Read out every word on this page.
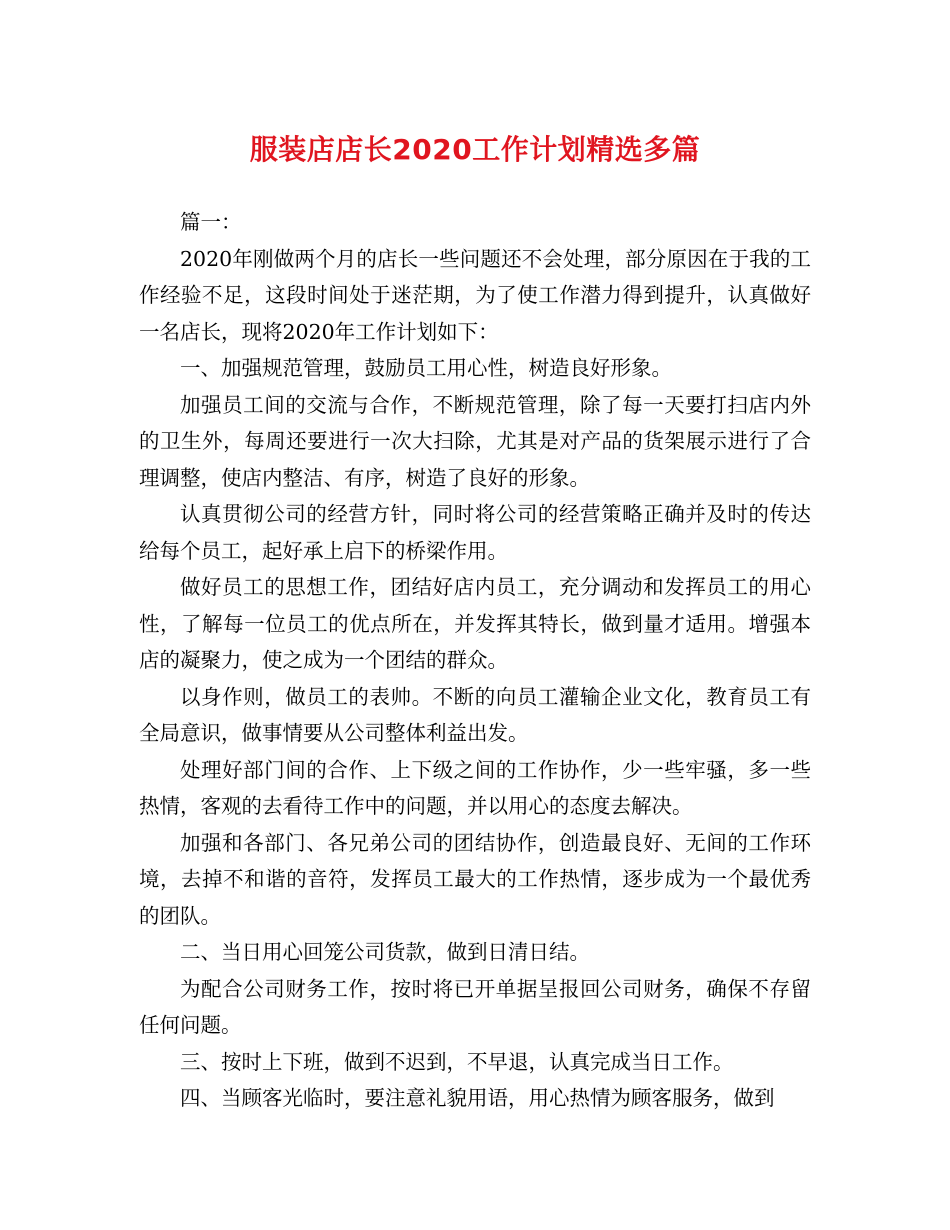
服装店店长2020工作计划精选多篇

篇一：

2020年刚做两个月的店长一些问题还不会处理，部分原因在于我的工作经验不足，这段时间处于迷茫期，为了使工作潜力得到提升，认真做好一名店长，现将2020年工作计划如下：

一、加强规范管理，鼓励员工用心性，树造良好形象。

加强员工间的交流与合作，不断规范管理，除了每一天要打扫店内外的卫生外，每周还要进行一次大扫除，尤其是对产品的货架展示进行了合理调整，使店内整洁、有序，树造了良好的形象。

认真贯彻公司的经营方针，同时将公司的经营策略正确并及时的传达给每个员工，起好承上启下的桥梁作用。

做好员工的思想工作，团结好店内员工，充分调动和发挥员工的用心性，了解每一位员工的优点所在，并发挥其特长，做到量才适用。增强本店的凝聚力，使之成为一个团结的群众。

以身作则，做员工的表帅。不断的向员工灌输企业文化，教育员工有全局意识，做事情要从公司整体利益出发。

处理好部门间的合作、上下级之间的工作协作，少一些牢骚，多一些热情，客观的去看待工作中的问题，并以用心的态度去解决。

加强和各部门、各兄弟公司的团结协作，创造最良好、无间的工作环境，去掉不和谐的音符，发挥员工最大的工作热情，逐步成为一个最优秀的团队。

二、当日用心回笼公司货款，做到日清日结。

为配合公司财务工作，按时将已开单据呈报回公司财务，确保不存留任何问题。

三、按时上下班，做到不迟到，不早退，认真完成当日工作。

四、当顾客光临时，要注意礼貌用语，用心热情为顾客服务，做到
